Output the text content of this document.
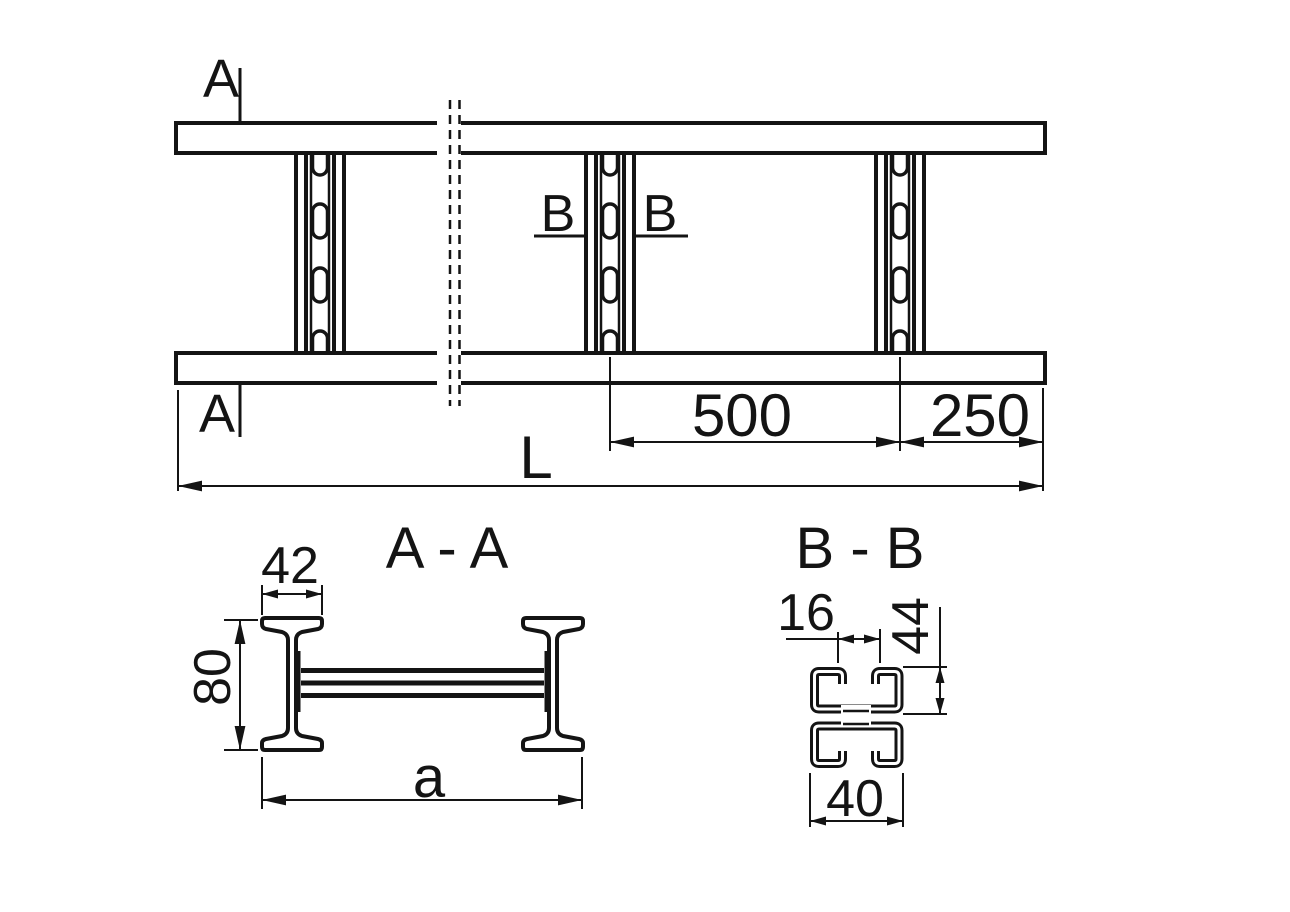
A
A
B B
500 250
L
A - A
42
80
a
B - B
16 44
40
